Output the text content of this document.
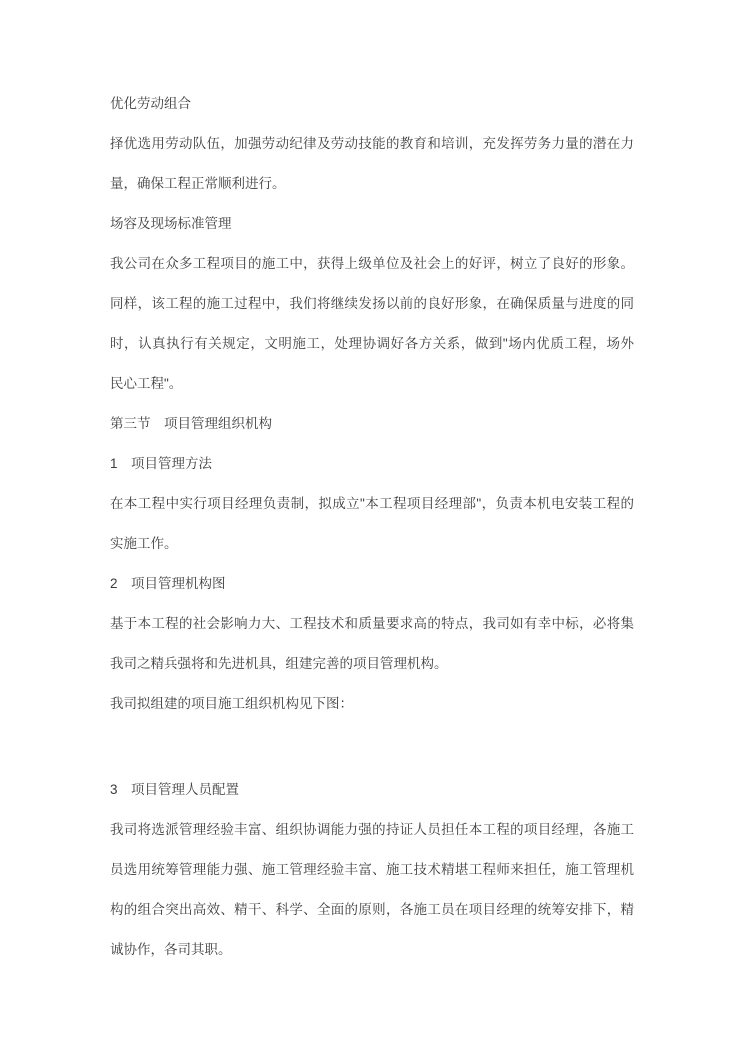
优化劳动组合
择优选用劳动队伍，加强劳动纪律及劳动技能的教育和培训，充发挥劳务力量的潜在力
量，确保工程正常顺利进行。
场容及现场标准管理
我公司在众多工程项目的施工中，获得上级单位及社会上的好评，树立了良好的形象。
同样，该工程的施工过程中，我们将继续发扬以前的良好形象，在确保质量与进度的同
时，认真执行有关规定，文明施工，处理协调好各方关系，做到"场内优质工程，场外
民心工程"。
第三节　项目管理组织机构
1　项目管理方法
在本工程中实行项目经理负责制，拟成立"本工程项目经理部"，负责本机电安装工程的
实施工作。
2　项目管理机构图
基于本工程的社会影响力大、工程技术和质量要求高的特点，我司如有幸中标，必将集
我司之精兵强将和先进机具，组建完善的项目管理机构。
我司拟组建的项目施工组织机构见下图：
3　项目管理人员配置
我司将选派管理经验丰富、组织协调能力强的持证人员担任本工程的项目经理，各施工
员选用统筹管理能力强、施工管理经验丰富、施工技术精堪工程师来担任，施工管理机
构的组合突出高效、精干、科学、全面的原则，各施工员在项目经理的统筹安排下，精
诚协作，各司其职。
